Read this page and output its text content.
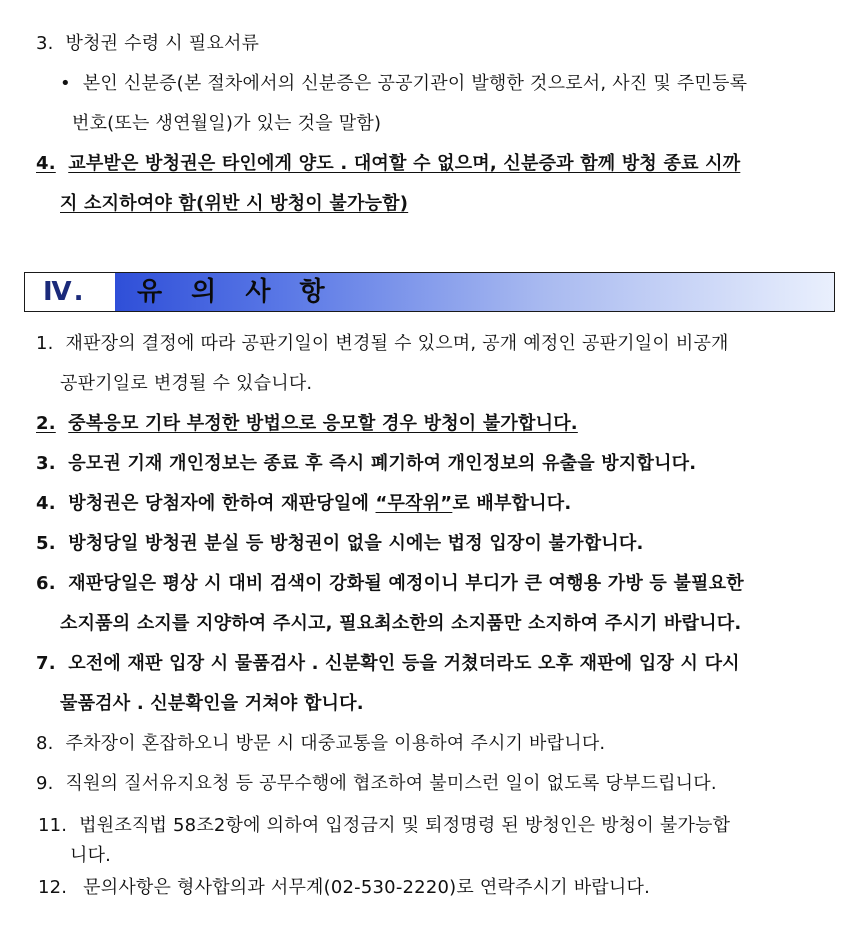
3. 방청권 수령 시 필요서류
• 본인 신분증(본 절차에서의 신분증은 공공기관이 발행한 것으로서, 사진 및 주민등록
번호(또는 생연월일)가 있는 것을 말함)
4. 교부받은 방청권은 타인에게 양도 . 대여할 수 없으며, 신분증과 함께 방청 종료 시까
지 소지하여야 함(위반 시 방청이 불가능함)
Ⅳ. 유 의 사 항
1. 재판장의 결정에 따라 공판기일이 변경될 수 있으며, 공개 예정인 공판기일이 비공개
공판기일로 변경될 수 있습니다.
2. 중복응모 기타 부정한 방법으로 응모할 경우 방청이 불가합니다.
3. 응모권 기재 개인정보는 종료 후 즉시 폐기하여 개인정보의 유출을 방지합니다.
4. 방청권은 당첨자에 한하여 재판당일에 “무작위”로 배부합니다.
5. 방청당일 방청권 분실 등 방청권이 없을 시에는 법정 입장이 불가합니다.
6. 재판당일은 평상 시 대비 검색이 강화될 예정이니 부디가 큰 여행용 가방 등 불필요한
소지품의 소지를 지양하여 주시고, 필요최소한의 소지품만 소지하여 주시기 바랍니다.
7. 오전에 재판 입장 시 물품검사 . 신분확인 등을 거쳤더라도 오후 재판에 입장 시 다시
물품검사 . 신분확인을 거쳐야 합니다.
8. 주차장이 혼잡하오니 방문 시 대중교통을 이용하여 주시기 바랍니다.
9. 직원의 질서유지요청 등 공무수행에 협조하여 불미스런 일이 없도록 당부드립니다.
11. 법원조직법 58조2항에 의하여 입정금지 및 퇴정명령 된 방청인은 방청이 불가능합
니다.
12. 문의사항은 형사합의과 서무계(02-530-2220)로 연락주시기 바랍니다.
